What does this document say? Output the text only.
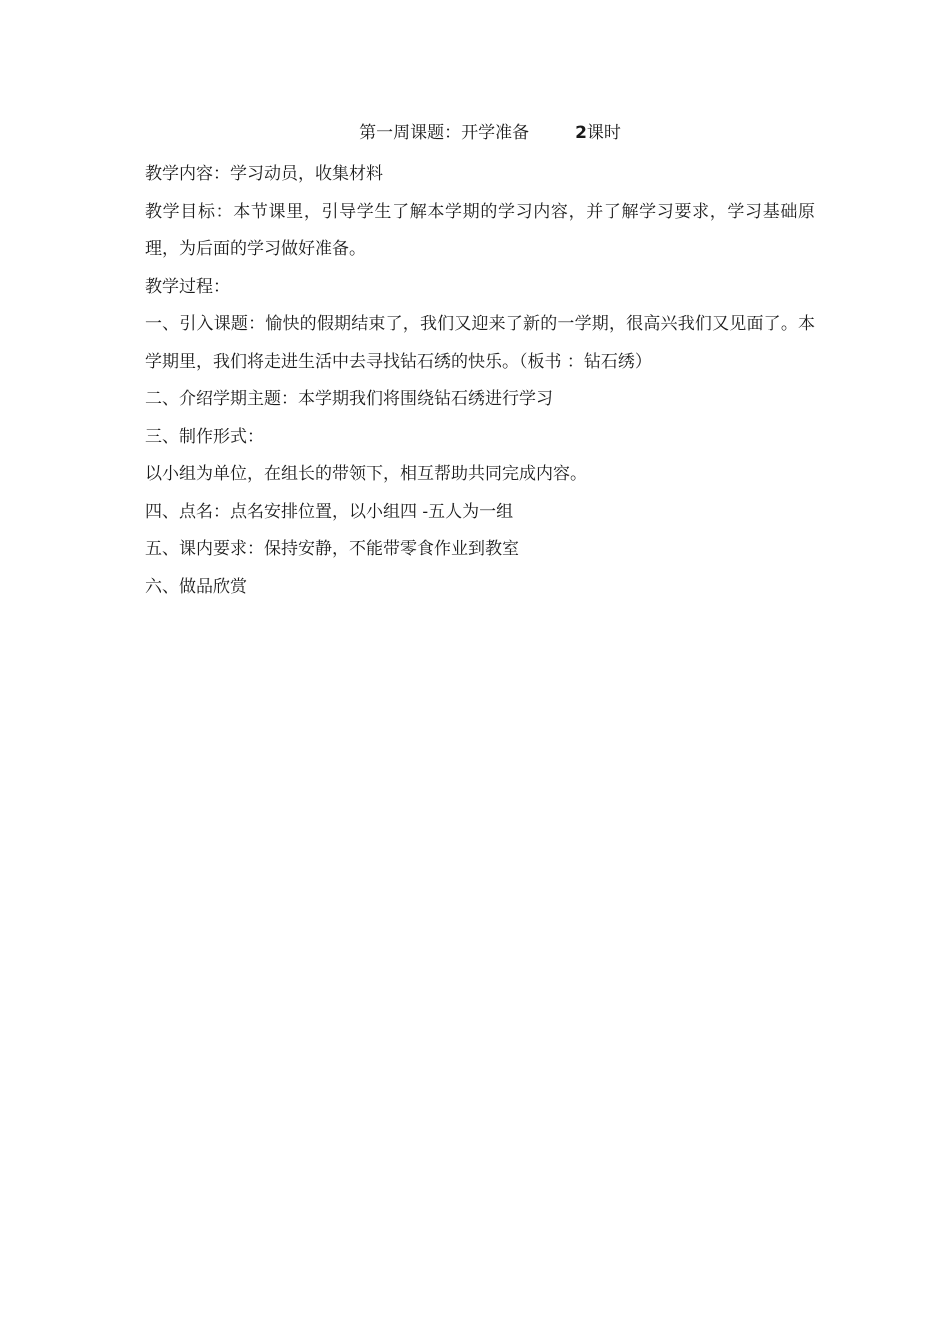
第一周课题：开学准备	2课时

教学内容：学习动员，收集材料

教学目标：本节课里，引导学生了解本学期的学习内容，并了解学习要求，学习基础原理，为后面的学习做好准备。

教学过程：

一、引入课题：愉快的假期结束了，我们又迎来了新的一学期，很高兴我们又见面了。本学期里，我们将走进生活中去寻找钻石绣的快乐。（板书 ：钻石绣）

二、介绍学期主题：本学期我们将围绕钻石绣进行学习

三、制作形式：

以小组为单位，在组长的带领下，相互帮助共同完成内容。

四、点名：点名安排位置，以小组四 -五人为一组

五、课内要求：保持安静，不能带零食作业到教室

六、做品欣赏
